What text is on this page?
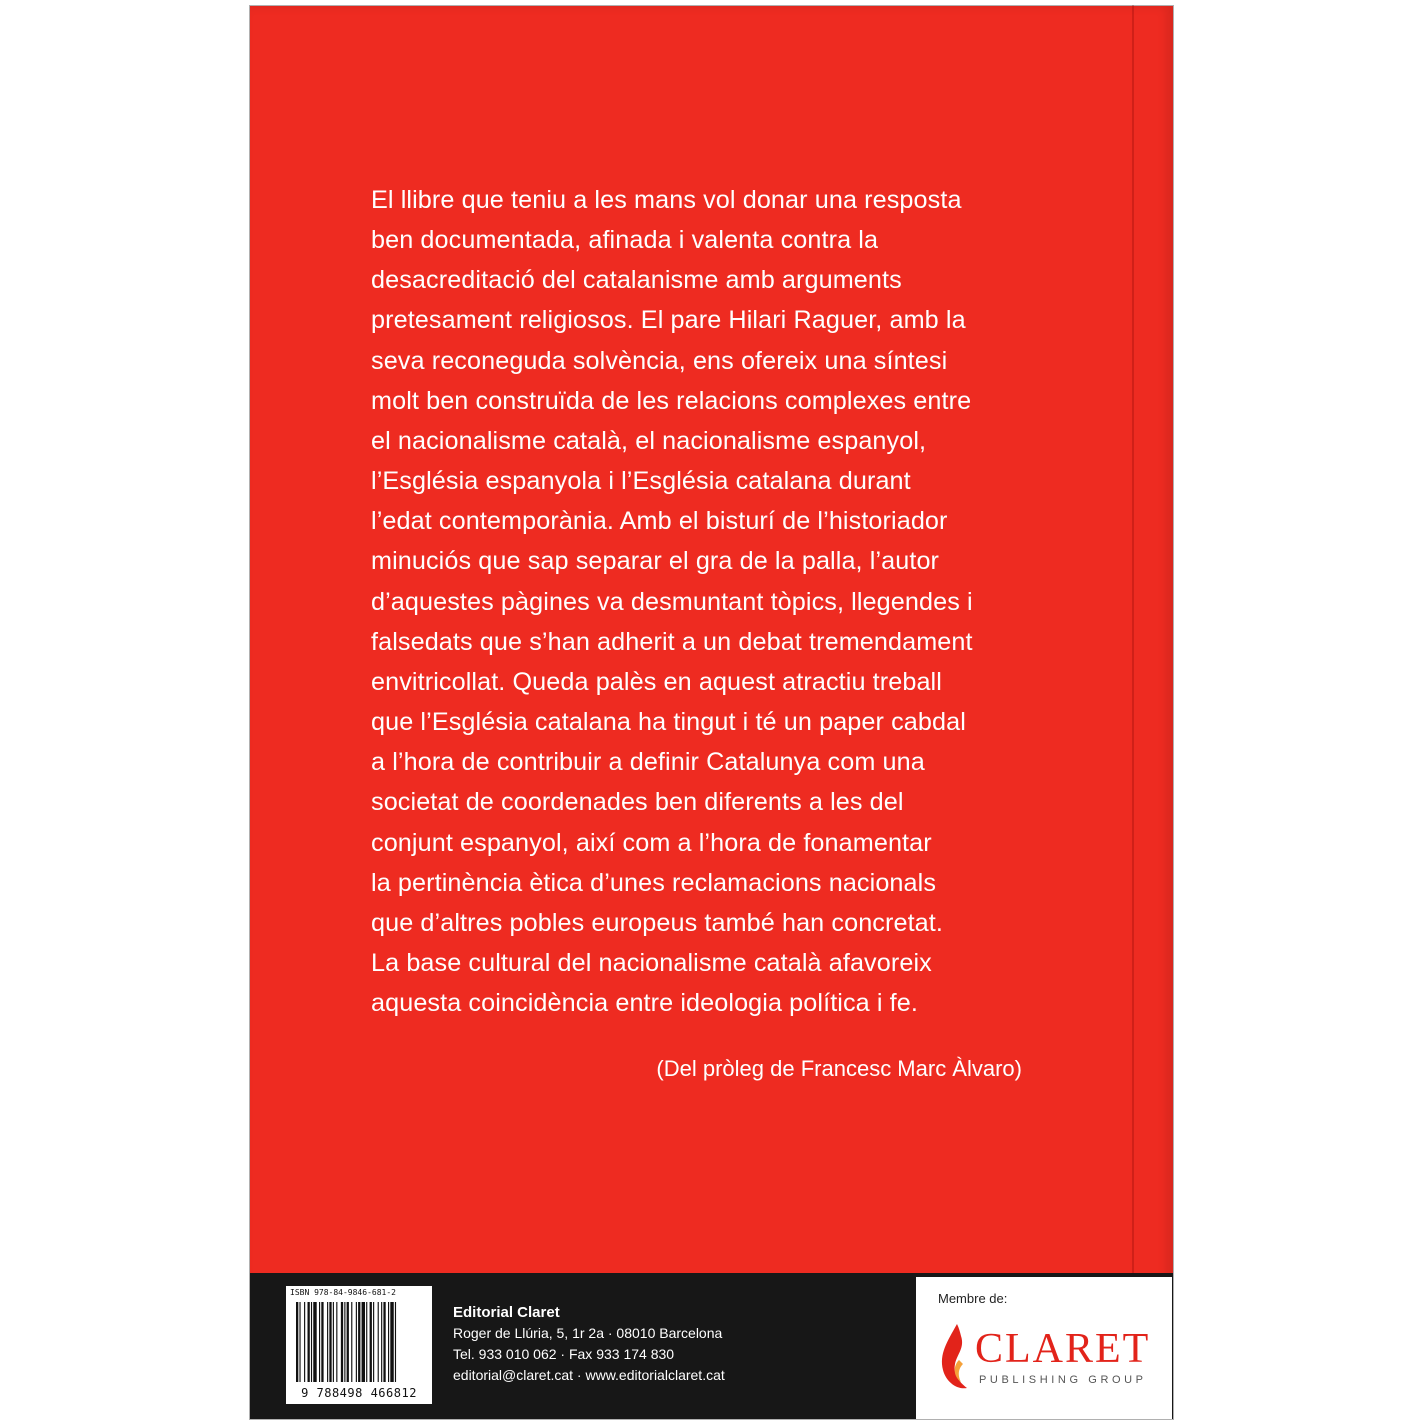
El llibre que teniu a les mans vol donar una resposta
ben documentada, afinada i valenta contra la
desacreditació del catalanisme amb arguments
pretesament religiosos. El pare Hilari Raguer, amb la
seva reconeguda solvència, ens ofereix una síntesi
molt ben construïda de les relacions complexes entre
el nacionalisme català, el nacionalisme espanyol,
l’Església espanyola i l’Església catalana durant
l’edat contemporània. Amb el bisturí de l’historiador
minuciós que sap separar el gra de la palla, l’autor
d’aquestes pàgines va desmuntant tòpics, llegendes i
falsedats que s’han adherit a un debat tremendament
envitricollat. Queda palès en aquest atractiu treball
que l’Església catalana ha tingut i té un paper cabdal
a l’hora de contribuir a definir Catalunya com una
societat de coordenades ben diferents a les del
conjunt espanyol, així com a l’hora de fonamentar
la pertinència ètica d’unes reclamacions nacionals
que d’altres pobles europeus també han concretat.
La base cultural del nacionalisme català afavoreix
aquesta coincidència entre ideologia política i fe.
(Del pròleg de Francesc Marc Àlvaro)
ISBN 978-84-9846-681-2
9 788498 466812
Editorial Claret
Roger de Llúria, 5, 1r 2a · 08010 Barcelona
Tel. 933 010 062 · Fax 933 174 830
editorial@claret.cat · www.editorialclaret.cat
Membre de:
CLARET
PUBLISHING GROUP
